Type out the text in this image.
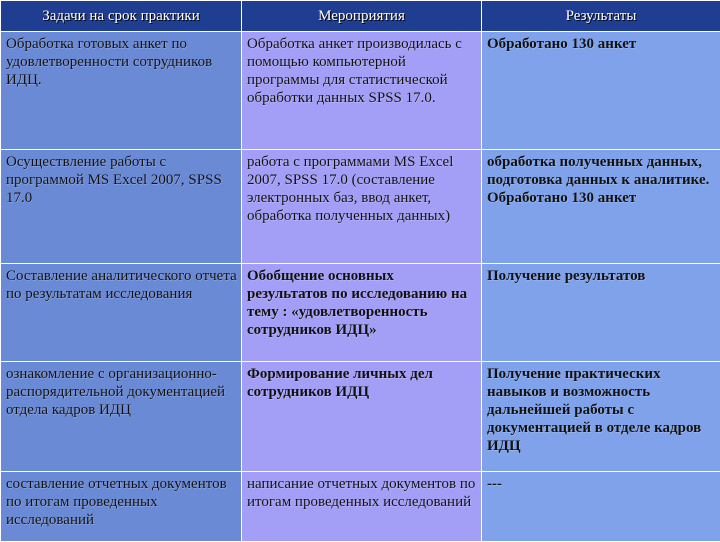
Задачи на срок практики	Мероприятия	Результаты
Обработка готовых анкет по удовлетворенности сотрудников ИДЦ.	Обработка анкет производилась с помощью компьютерной программы для статистической обработки данных SPSS 17.0.	Обработано 130 анкет
Осуществление работы с программой MS Excel 2007, SPSS 17.0	работа с программами MS Excel 2007, SPSS 17.0 (составление электронных баз, ввод анкет, обработка полученных данных)	обработка полученных данных, подготовка данных к аналитике. Обработано 130 анкет
Составление аналитического отчета по результатам исследования	Обобщение основных результатов по исследованию на тему : «удовлетворенность сотрудников ИДЦ»	Получение результатов
ознакомление с организационно-распорядительной документацией отдела кадров ИДЦ	Формирование личных дел сотрудников ИДЦ	Получение практических навыков и возможность дальнейшей работы с документацией в отделе кадров ИДЦ
составление отчетных документов по итогам проведенных исследований	написание отчетных документов по итогам проведенных исследований	---
